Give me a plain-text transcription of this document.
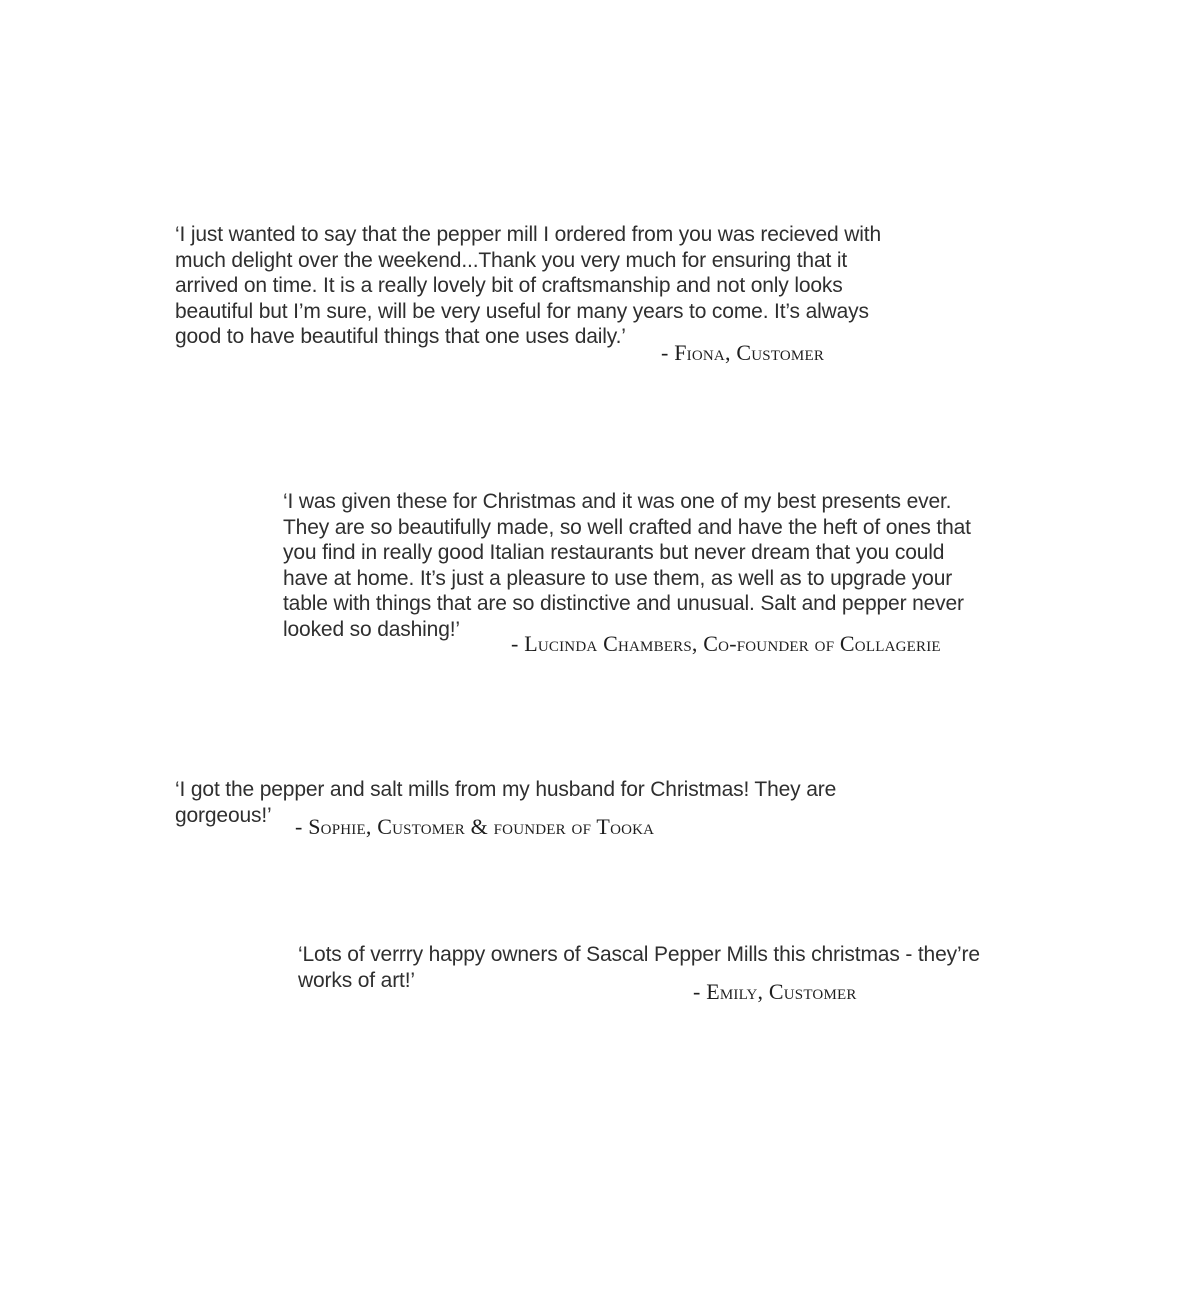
‘I just wanted to say that the pepper mill I ordered from you was recieved with
much delight over the weekend...Thank you very much for ensuring that it
arrived on time. It is a really lovely bit of craftsmanship and not only looks
beautiful but I’m sure, will be very useful for many years to come. It’s always
good to have beautiful things that one uses daily.’

- Fiona, Customer

‘I was given these for Christmas and it was one of my best presents ever.
They are so beautifully made, so well crafted and have the heft of ones that
you find in really good Italian restaurants but never dream that you could
have at home. It’s just a pleasure to use them, as well as to upgrade your
table with things that are so distinctive and unusual. Salt and pepper never
looked so dashing!’

- Lucinda Chambers, Co-founder of Collagerie

‘I got the pepper and salt mills from my husband for Christmas! They are
gorgeous!’	- Sophie, Customer & founder of Tooka

‘Lots of verrry happy owners of Sascal Pepper Mills this christmas - they’re
works of art!’	- Emily, Customer
